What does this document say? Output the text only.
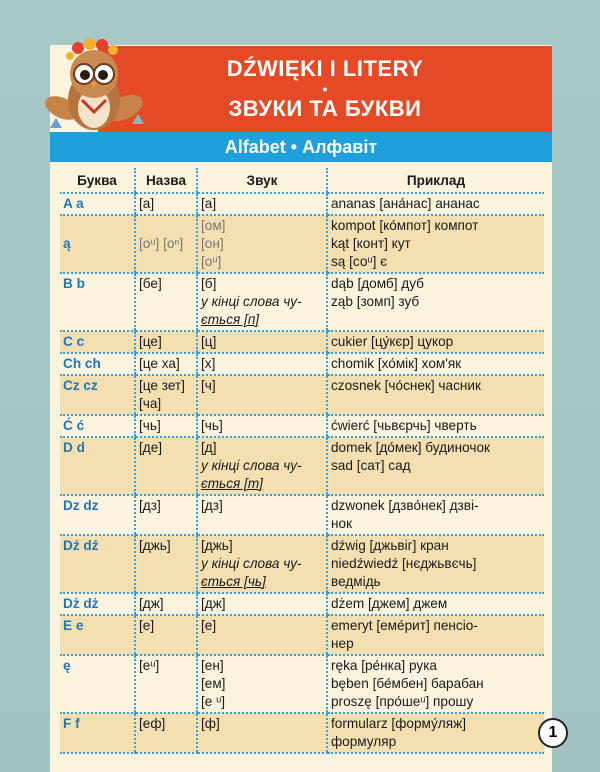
DŹWIĘKI I LITERY
•
ЗВУКИ ТА БУКВИ
Alfabet • Алфавіт
Буква	Назва	Звук	Приклад
A a	[а]	[а]	ananas [ана́нас] ананас

ą	[оᵘ] [оⁿ]	[ом]
[он]
[оᵘ]	kompot [ко́мпот] компот
kąt [конт] кут
są [соᵘ] є

B b	[бе]	[б]
у кінці слова чу-
ється [п]	dąb [домб] дуб
ząb [зомп] зуб

C c	[це]	[ц]	cukier [цу́кєр] цукор

Ch ch	[це ха]	[х]	chomik [хо́мік] хом'як

Cz cz	[це зет] [ча]	[ч]	czosnek [чо́снек] часник

Ć ć	[чь]	[чь]	ćwierć [чьвєрчь] чверть

D d	[де]	[д]
у кінці слова чу-
ється [т]	domek [до́мек] будиночок
sad [сат] сад

Dz dz	[дз]	[дз]	dzwonek [дзво́нек] дзві-
нок

Dź dź	[джь]	[джь]
у кінці слова чу-
ється [чь]	dźwig [джьвіг] кран
niedźwiedź [нєджьвєчь]
ведмідь

Dż dż	[дж]	[дж]	dżem [джем] джем

E e	[е]	[е]	emeryt [еме́рит] пенсіо-
нер

ę	[еᵘ]	[ен]
[ем]
[е ᵘ]	ręka [ре́нка] рука
bęben [бе́мбен] барабан
proszę [про́шеᵘ] прошу

F f	[еф]	[ф]	formularz [форму́ляж]
формуляр
1
